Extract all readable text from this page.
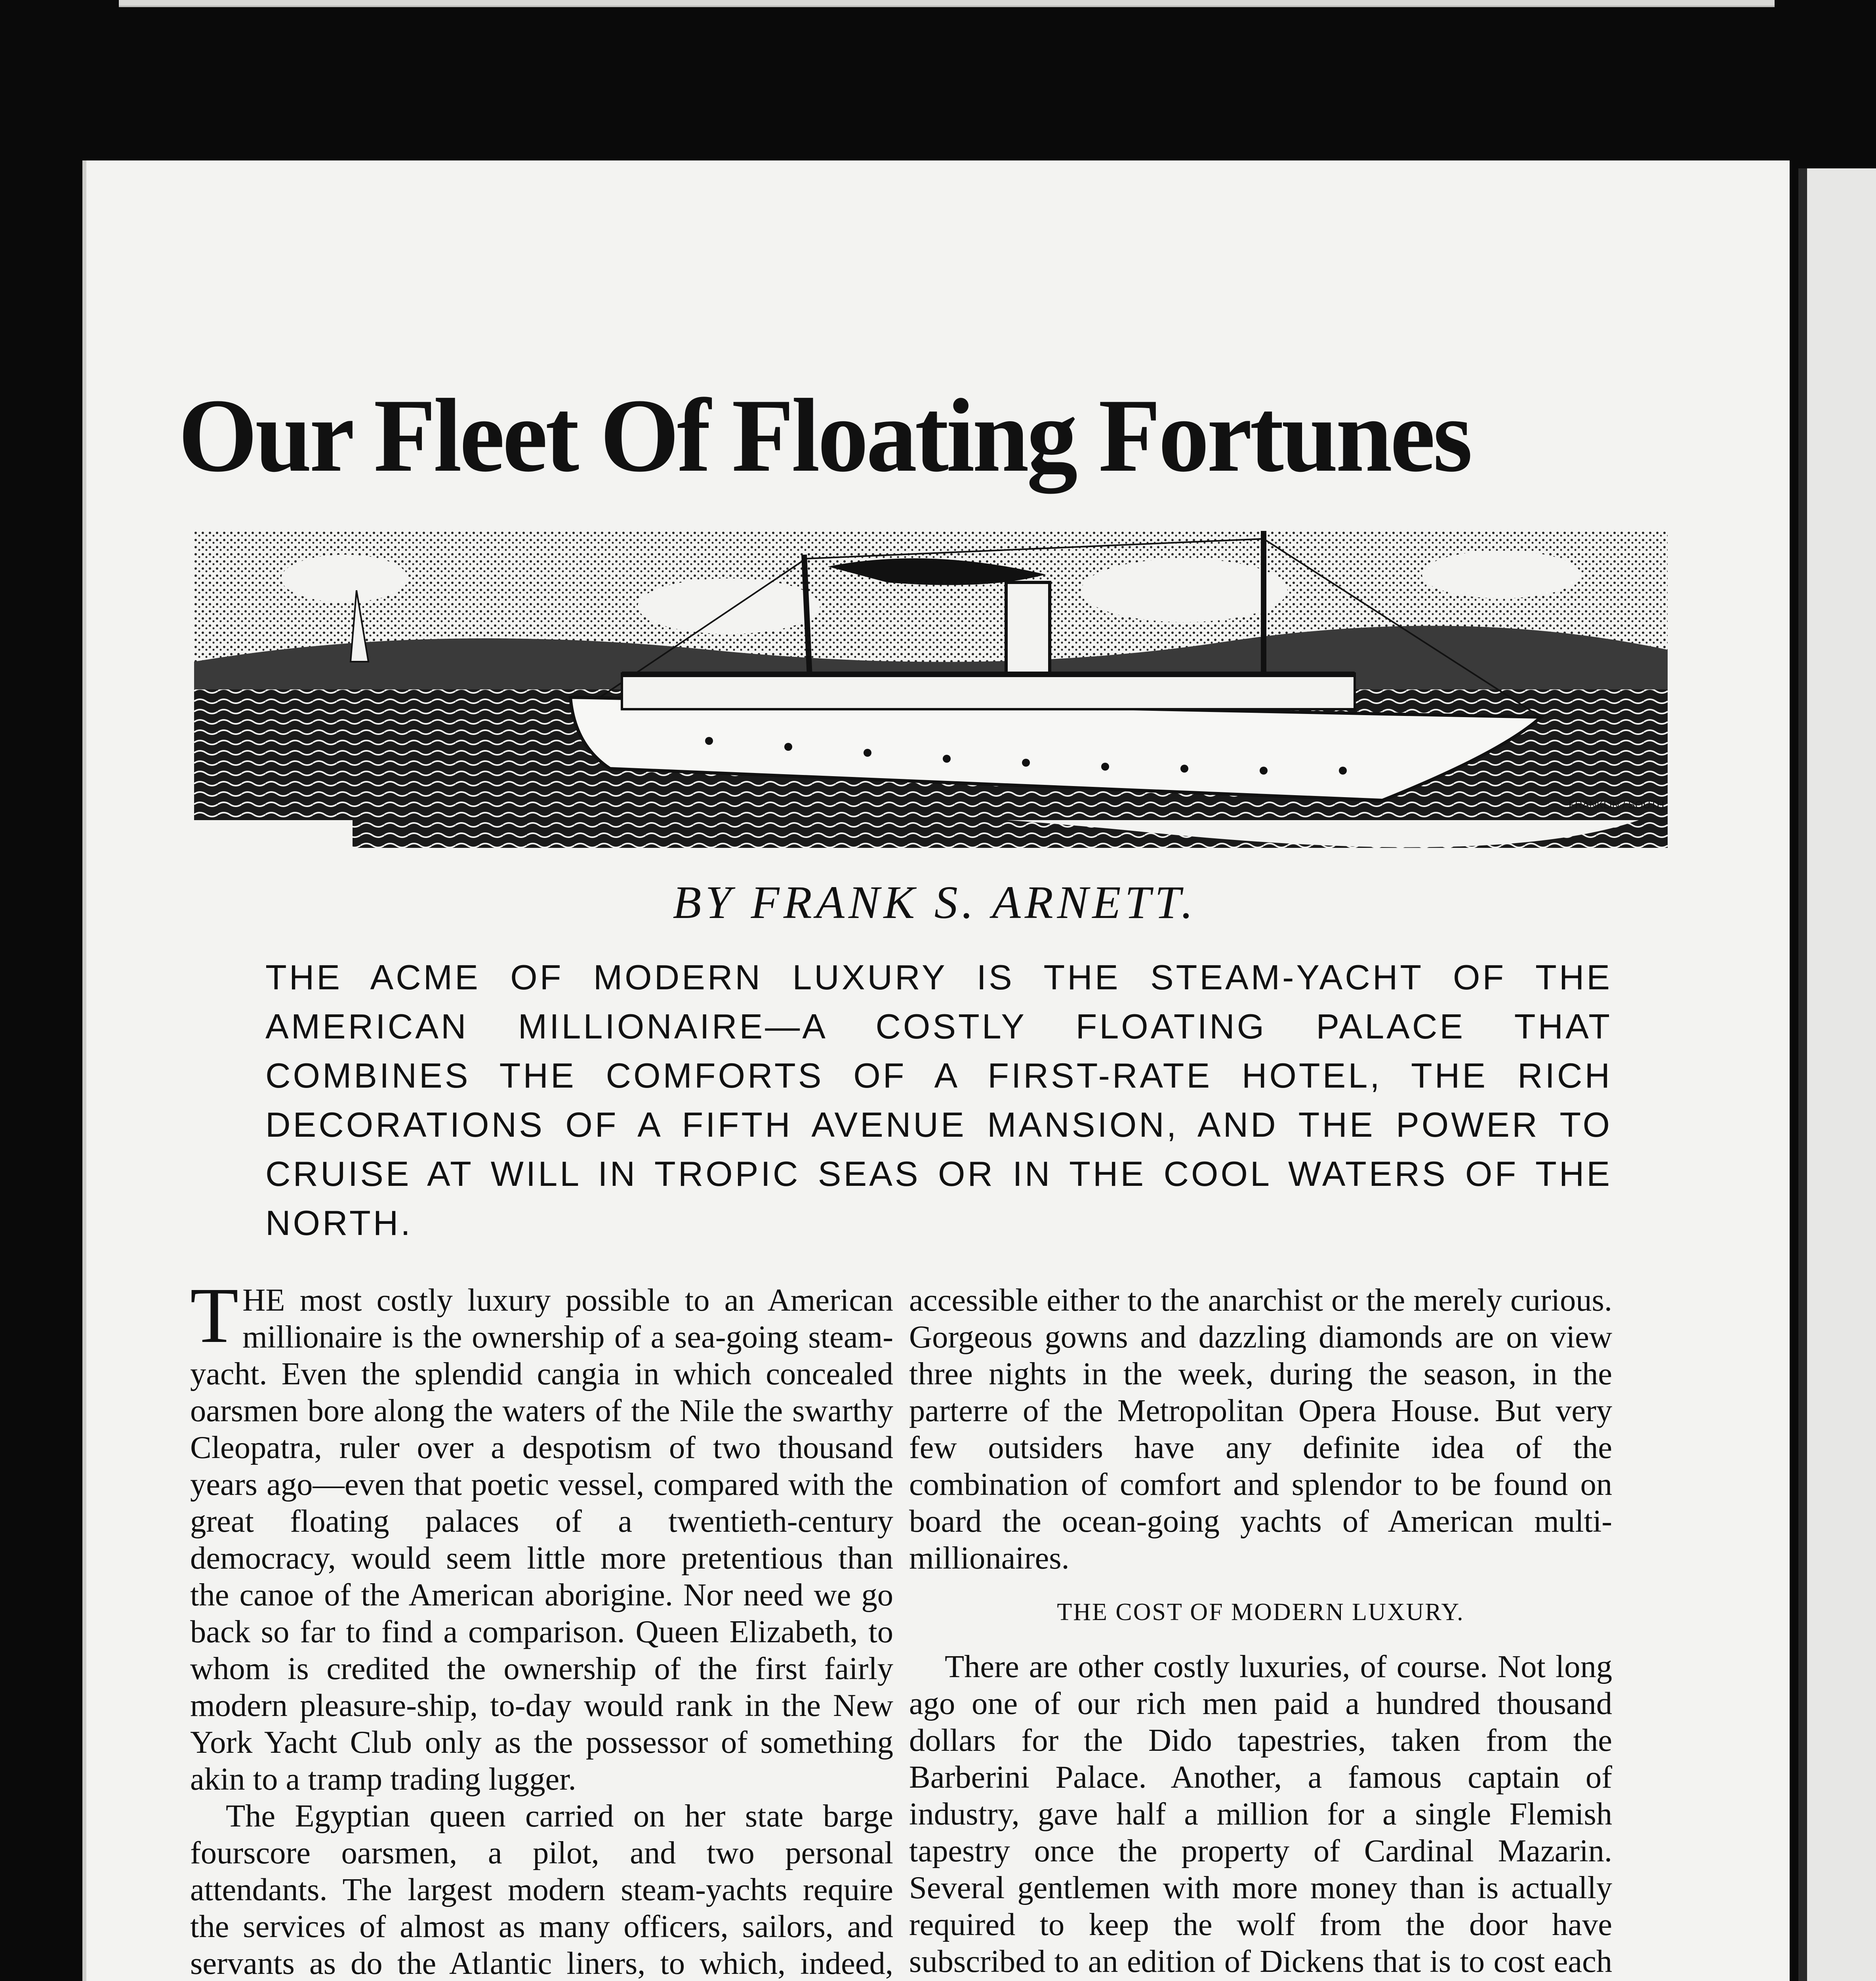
Our Fleet Of Floating Fortunes
FRANKLIN / SOUTH
BY FRANK S. ARNETT.
THE ACME OF MODERN LUXURY IS THE STEAM-YACHT OF THE AMERICAN MILLIONAIRE—A COSTLY FLOATING PALACE THAT COMBINES THE COMFORTS OF A FIRST-RATE HOTEL, THE RICH DECORATIONS OF A FIFTH AVENUE MANSION, AND THE POWER TO CRUISE AT WILL IN TROPIC SEAS OR IN THE COOL WATERS OF THE NORTH.

THE most costly luxury possible to an American millionaire is the ownership of a sea-going steam-yacht. Even the splendid cangia in which concealed oarsmen bore along the waters of the Nile the swarthy Cleopatra, ruler over a despotism of two thousand years ago—even that poetic vessel, compared with the great floating palaces of a twentieth-century democracy, would seem little more pretentious than the canoe of the American aborigine. Nor need we go back so far to find a comparison. Queen Elizabeth, to whom is credited the ownership of the first fairly modern pleasure-ship, to-day would rank in the New York Yacht Club only as the possessor of something akin to a tramp trading lugger.

The Egyptian queen carried on her state barge fourscore oarsmen, a pilot, and two personal attendants. The largest modern steam-yachts require the services of almost as many officers, sailors, and servants as do the Atlantic liners, to which, indeed,

accessible either to the anarchist or the merely curious. Gorgeous gowns and dazzling diamonds are on view three nights in the week, during the season, in the parterre of the Metropolitan Opera House. But very few outsiders have any definite idea of the combination of comfort and splendor to be found on board the ocean-going yachts of American multi-millionaires.

THE COST OF MODERN LUXURY.

There are other costly luxuries, of course. Not long ago one of our rich men paid a hundred thousand dollars for the Dido tapestries, taken from the Barberini Palace. Another, a famous captain of industry, gave half a million for a single Flemish tapestry once the property of Cardinal Mazarin. Several gentlemen with more money than is actually required to keep the wolf from the door have subscribed to an edition of Dickens that is to cost each
